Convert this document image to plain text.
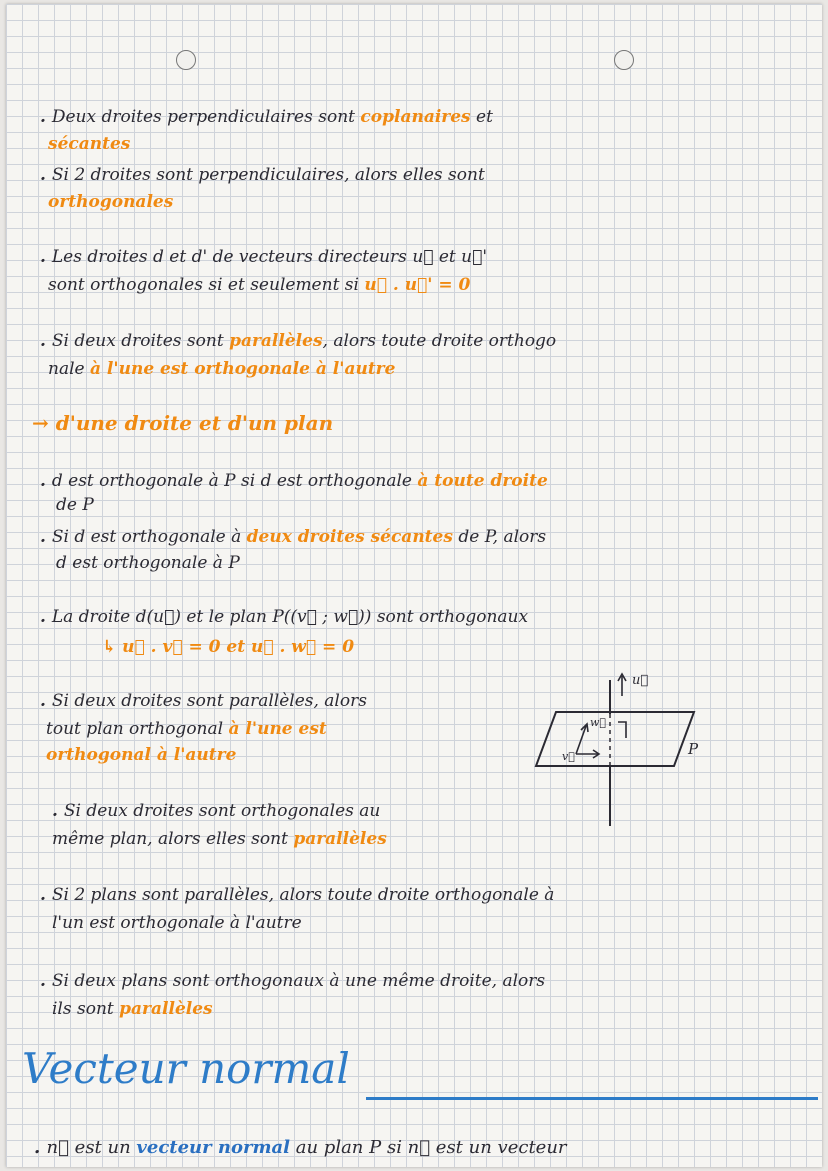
. Deux droites perpendiculaires sont coplanaires et
sécantes
. Si 2 droites sont perpendiculaires, alors elles sont
orthogonales
. Les droites d et d' de vecteurs directeurs u⃗ et u⃗'
sont orthogonales si et seulement si u⃗ . u⃗' = 0
. Si deux droites sont parallèles, alors toute droite orthogo
nale à l'une est orthogonale à l'autre
→ d'une droite et d'un plan
. d est orthogonale à P si d est orthogonale à toute droite
de P
. Si d est orthogonale à deux droites sécantes de P, alors
d est orthogonale à P
. La droite d(u⃗) et le plan P((v⃗ ; w⃗)) sont orthogonaux
↳ u⃗ . v⃗ = 0 et u⃗ . w⃗ = 0
. Si deux droites sont parallèles, alors
tout plan orthogonal à l'une est
orthogonal à l'autre
. Si deux droites sont orthogonales au
même plan, alors elles sont parallèles
u⃗
v⃗
w⃗
P
. Si 2 plans sont parallèles, alors toute droite orthogonale à
l'un est orthogonale à l'autre
. Si deux plans sont orthogonaux à une même droite, alors
ils sont parallèles
Vecteur normal
. n⃗ est un vecteur normal au plan P si n⃗ est un vecteur
